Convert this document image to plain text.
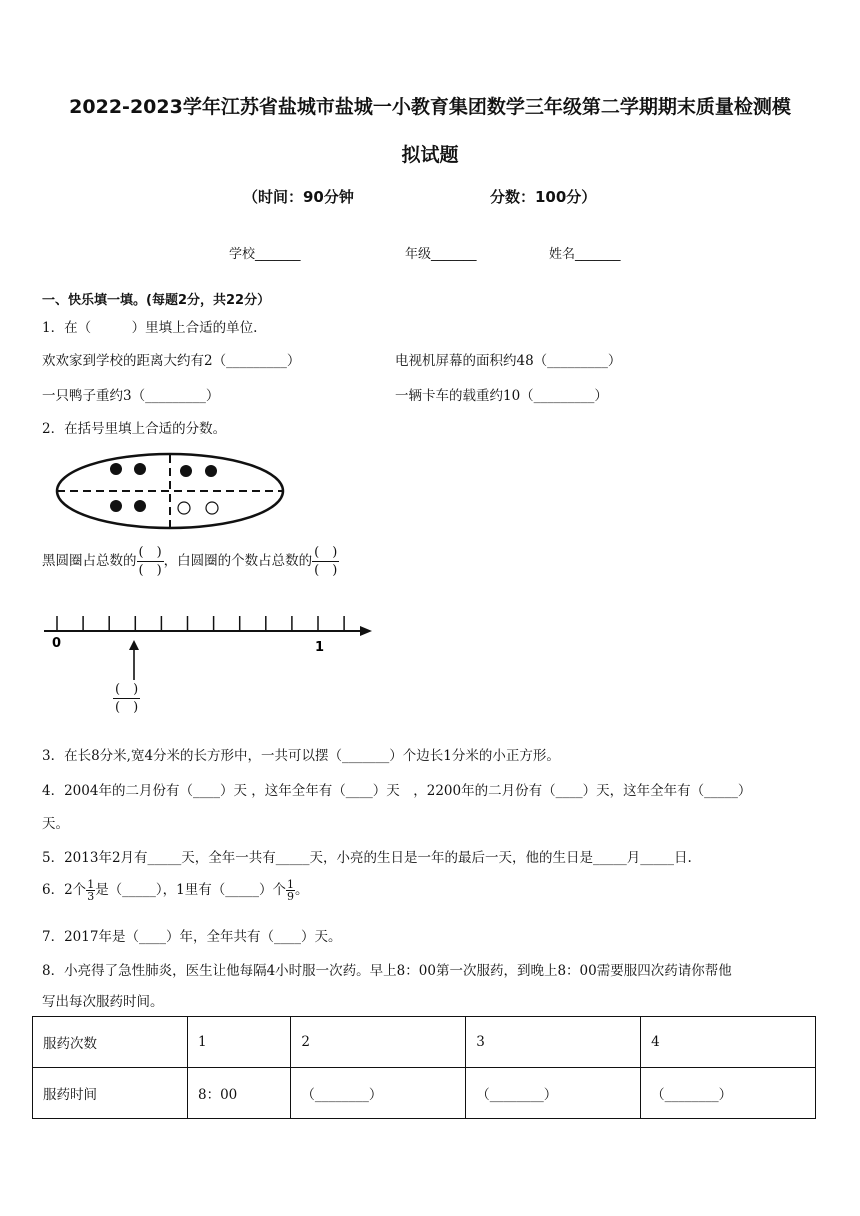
2022-2023学年江苏省盐城市盐城一小教育集团数学三年级第二学期期末质量检测模
拟试题
（时间：90分钟	分数：100分）
学校_______	年级_______	姓名_______
一、快乐填一填。(每题2分，共22分）
1．在（　　　）里填上合适的单位.
欢欢家到学校的距离大约有2（_________）	电视机屏幕的面积约48（_________）
一只鸭子重约3（_________）	一辆卡车的载重约10（_________）
2．在括号里填上合适的分数。
黑圆圈占总数的 $\frac{( )}{( )}$ ，白圆圈的个数占总数的 $\frac{( )}{( )}$
0	1
$\frac{( )}{( )}$
3．在长8分米,宽4分米的长方形中，一共可以摆（_______）个边长1分米的小正方形。
4．2004年的二月份有（____）天 ，这年全年有（____）天　，2200年的二月份有（____）天，这年全年有（_____）
天。
5．2013年2月有_____天，全年一共有_____天，小亮的生日是一年的最后一天，他的生日是_____月_____日.
6．2个 $\frac{1}{3}$ 是（_____），1里有（_____）个 $\frac{1}{9}$ 。
7．2017年是（____）年，全年共有（____）天。
8．小亮得了急性肺炎，医生让他每隔4小时服一次药。早上8：00第一次服药，到晚上8：00需要服四次药请你帮他
写出每次服药时间。
服药次数	1	2	3	4
服药时间	8：00	（________）	（________）	（________）
